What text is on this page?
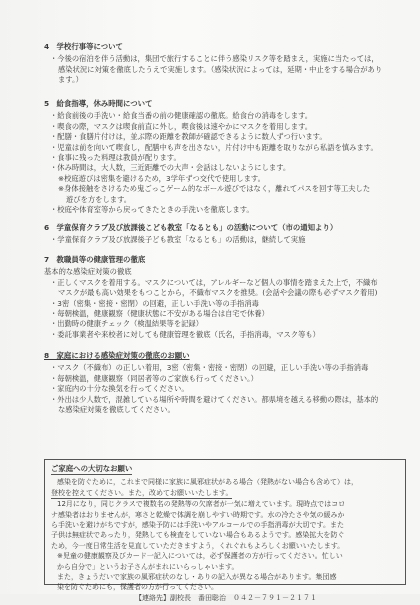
4　学校行事等について
・今後の宿泊を伴う活動は，集団で旅行することに伴う感染リスク等を踏まえ，実施に当たっては，
感染状況に対策を徹底したうえで実施します。（感染状況によっては，延期・中止をする場合があり
ます。）
5　給食指導，休み時間について
・給食前後の手洗い・給食当番の前の健康確認の徹底。給食台の消毒をします。
・喫食の際，マスクは喫食前直に外し，喫食後は速やかにマスクを着用します。
・配膳・食膳片付けは，並ぶ際の距離を教師が確認できるように数人ずつ行います。
・児童は前を向いて喫食し，配膳中も声を出さない，片付け中も距離を取りながら私語を慎みます。
・食事に残った料理は教員が配ります。
・休み時間は，大人数，三近距離での大声・会話はしないようにします。
※校庭遊びは密集を避けるため，3学年ずつ交代で使用します。
※身体接触をさけるため鬼ごっこゲーム的なボール遊びではなく，離れてパスを回す等工夫した
遊びを方をします。
・校庭や体育室等から戻ってきたときの手洗いを徹底します。
6　学童保育クラブ及び放課後こども教室「なるとも」の活動について（市の通知より）
・学童保育クラブ及び放課後子ども教室「なるとも」の活動は，継続して実施
7　教職員等の健康管理の徹底
基本的な感染症対策の徹底
・正しくマスクを着用する。マスクについては，アレルギーなど個人の事情を踏まえた上で，不織布
マスクが最も高い効果をもつことから，不織布マスクを推奨。(会話や会議の際も必ずマスク着用)
・3密（密集・密接・密閉）の回避，正しい手洗い等の手指消毒
・毎朝検温，健康観察（健康状態に不安がある場合は自宅で休養）
・出勤時の健康チェック（検温結果等を記録）
・委託事業者や来校者に対しても健康管理を徹底（氏名，手指消毒，マスク等も）
8　家庭における感染症対策の徹底のお願い
・マスク（不織布）の正しい着用，3密（密集・密接・密閉）の回避，正しい手洗い等の手指消毒
・毎朝検温，健康観察（同居者等のご家族も行ってください。）
・家庭内の十分な換気を行ってください。
・外出は少人数で，混雑している場所や時間を避けてください。都県境を越える移動の際は，基本的
な感染症対策を徹底してください。
ご家庭への大切なお願い
感染を防ぐために，これまで同様に家族に風邪症状がある場合（発熱がない場合も含めて）は，
登校を控えてください。また，改めてお願いいたします。
12月になり，同じクラスで複数名の発熱等の欠席者が一気に増えています。現時点ではコロ
ナ感染者はおりませんが，寒さと乾燥で体調を崩しやすい時期です。水の冷たさや気の緩みか
ら手洗いを避けがちですが，感染予防には手洗いやアルコールでの手指消毒が大切です。また
子供は無症状であったり，発熱しても検査をしていない場合もあるようです。感染拡大を防ぐ
ため，今一度日常生活を見直していただきますよう，くれぐれもよろしくお願いいたします。
※児童の健康観察及びカード一記入については，必ず保護者の方が行ってください。忙しい
から自分で」というお子さんがまれにいらっしゃいます。
また，きょうだいで家族の風邪症状のなし・ありの記入が異なる場合があります。集団感
染を防ぐためにも，保護者の方が行ってください。
【連絡先】副校長　番田聡治　０４２－７９１－２１７１
